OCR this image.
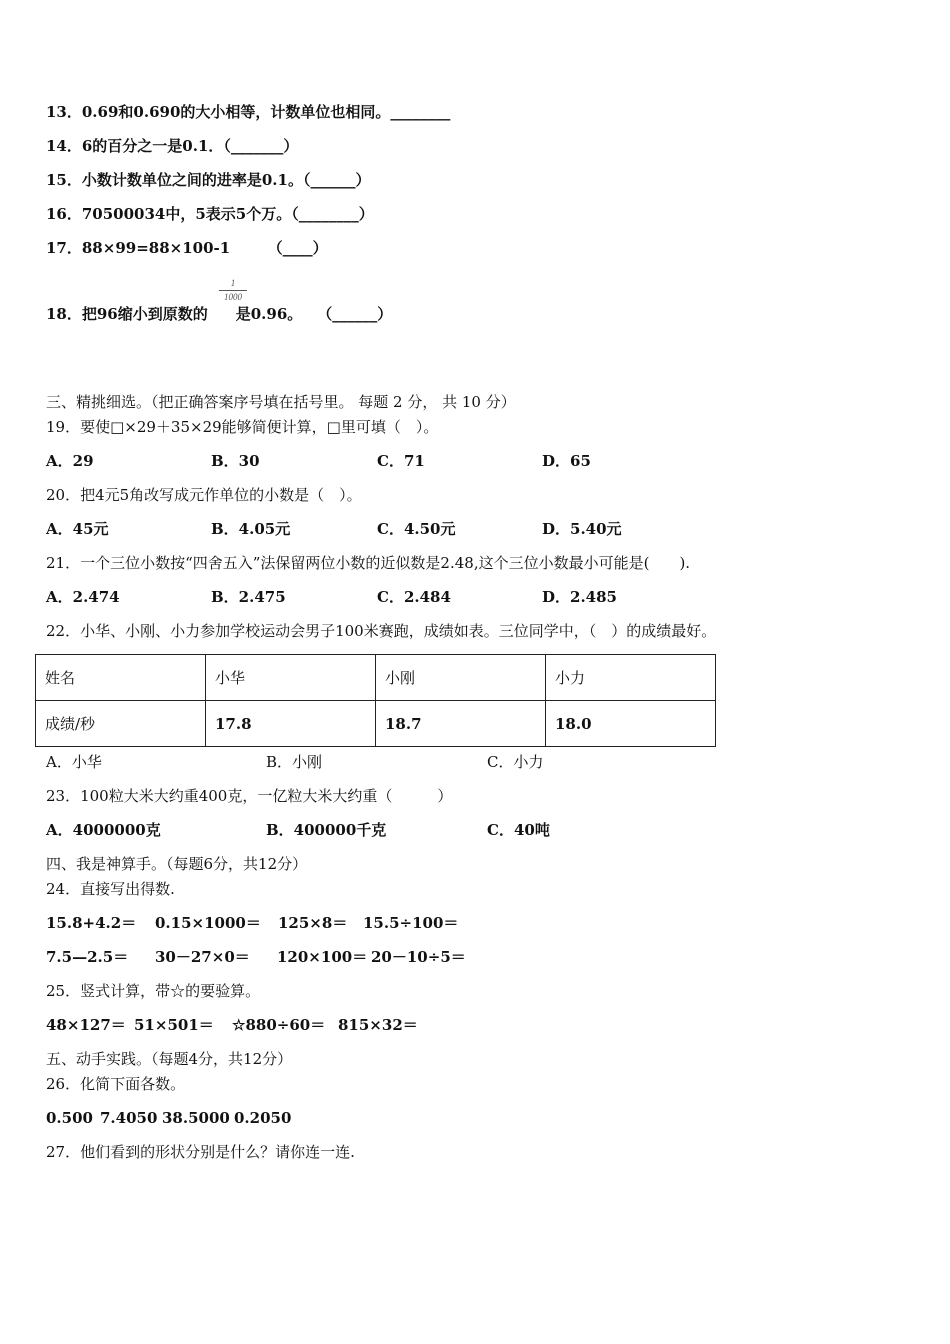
13．0.69和0.690的大小相等，计数单位也相同。________
14．6的百分之一是0.1．（_______）
15．小数计数单位之间的进率是0.1。（______）
16．70500034中，5表示5个万。（________）
17．88×99=88×100-1　　　（____）
18．把96缩小到原数的 是0.96。　　（______）
1
1000
三、精挑细选。（把正确答案序号填在括号里。 每题 2 分， 共 10 分）
19．要使□×29＋35×29能够简便计算，□里可填（　）。
A．29	B．30	C．71	D．65
20．把4元5角改写成元作单位的小数是（　）。
A．45元	B．4.05元	C．4.50元	D．5.40元
21．一个三位小数按“四舍五入”法保留两位小数的近似数是2.48,这个三位小数最小可能是(　　).
A．2.474	B．2.475	C．2.484	D．2.485
22．小华、小刚、小力参加学校运动会男子100米赛跑，成绩如表。三位同学中，（　）的成绩最好。
姓名	小华	小刚	小力
成绩/秒	17.8	18.7	18.0
A．小华	B．小刚	C．小力
23．100粒大米大约重400克，一亿粒大米大约重（　　　）
A．4000000克	B．400000千克	C．40吨
四、我是神算手。（每题6分，共12分）
24．直接写出得数.
15.8+4.2＝ 0.15×1000＝ 125×8＝ 15.5÷100＝
7.5—2.5＝ 30－27×0＝ 120×100＝ 20－10÷5＝
25．竖式计算，带☆的要验算。
48×127＝ 51×501＝ ☆880÷60＝ 815×32＝
五、动手实践。（每题4分，共12分）
26．化简下面各数。
0.500 7.4050 38.5000 0.2050
27．他们看到的形状分别是什么？请你连一连.
